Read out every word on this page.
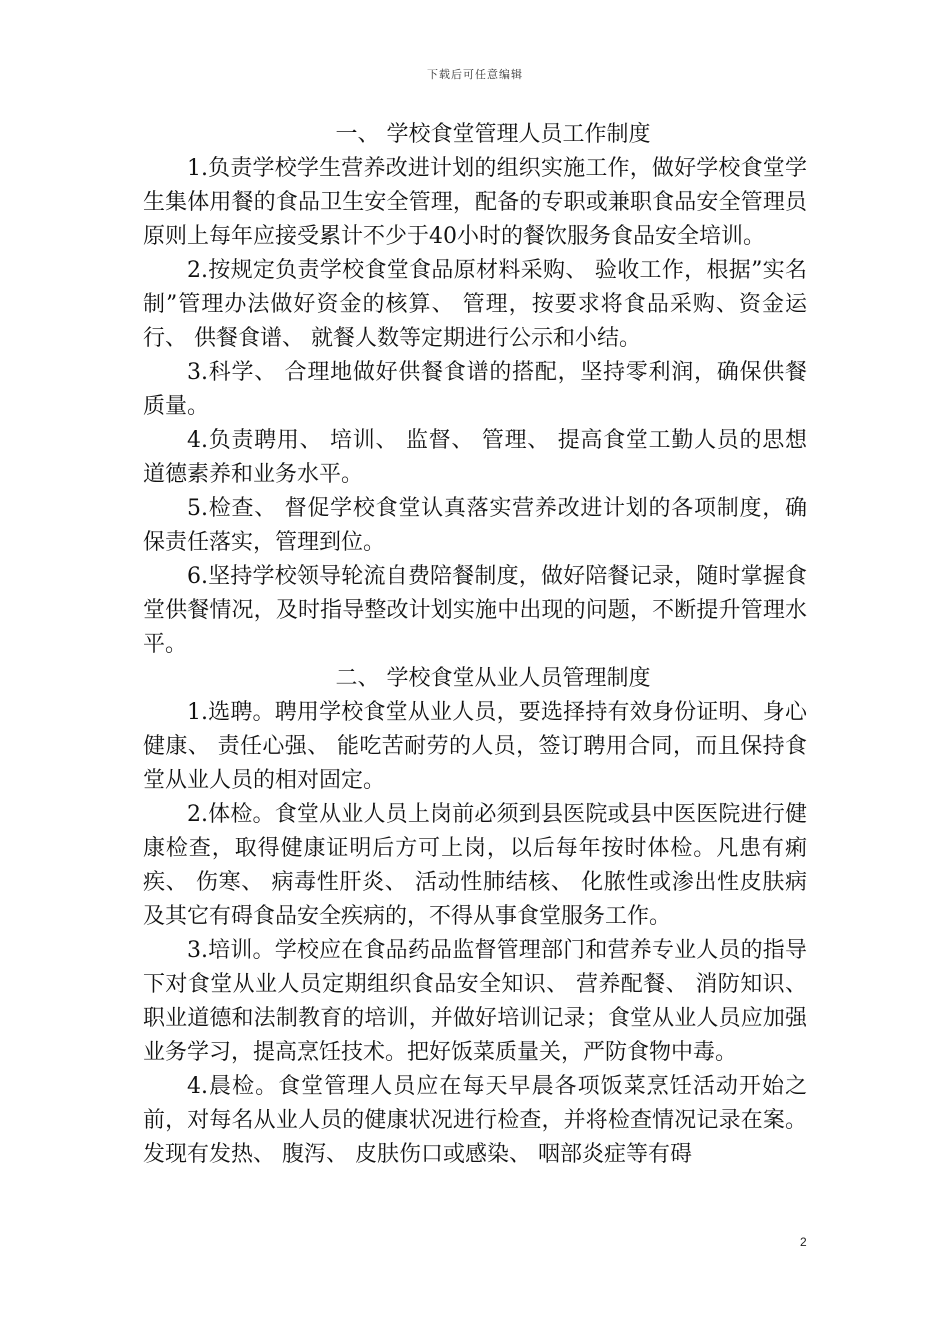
下载后可任意编辑
一、 学校食堂管理人员工作制度

1.负责学校学生营养改进计划的组织实施工作，做好学校食堂学生集体用餐的食品卫生安全管理，配备的专职或兼职食品安全管理员原则上每年应接受累计不少于40小时的餐饮服务食品安全培训。

2.按规定负责学校食堂食品原材料采购、 验收工作，根据”实名制”管理办法做好资金的核算、 管理，按要求将食品采购、资金运行、 供餐食谱、 就餐人数等定期进行公示和小结。

3.科学、 合理地做好供餐食谱的搭配，坚持零利润，确保供餐质量。

4.负责聘用、 培训、 监督、 管理、 提高食堂工勤人员的思想道德素养和业务水平。

5.检查、 督促学校食堂认真落实营养改进计划的各项制度，确保责任落实，管理到位。

6.坚持学校领导轮流自费陪餐制度，做好陪餐记录，随时掌握食堂供餐情况，及时指导整改计划实施中出现的问题，不断提升管理水平。

二、 学校食堂从业人员管理制度

1.选聘。聘用学校食堂从业人员，要选择持有效身份证明、身心健康、 责任心强、 能吃苦耐劳的人员，签订聘用合同，而且保持食堂从业人员的相对固定。

2.体检。食堂从业人员上岗前必须到县医院或县中医医院进行健康检查，取得健康证明后方可上岗，以后每年按时体检。凡患有痢疾、 伤寒、 病毒性肝炎、 活动性肺结核、 化脓性或渗出性皮肤病及其它有碍食品安全疾病的，不得从事食堂服务工作。

3.培训。学校应在食品药品监督管理部门和营养专业人员的指导下对食堂从业人员定期组织食品安全知识、 营养配餐、 消防知识、 职业道德和法制教育的培训，并做好培训记录；食堂从业人员应加强业务学习，提高烹饪技术。把好饭菜质量关，严防食物中毒。

4.晨检。食堂管理人员应在每天早晨各项饭菜烹饪活动开始之前，对每名从业人员的健康状况进行检查，并将检查情况记录在案。发现有发热、 腹泻、 皮肤伤口或感染、 咽部炎症等有碍

2
